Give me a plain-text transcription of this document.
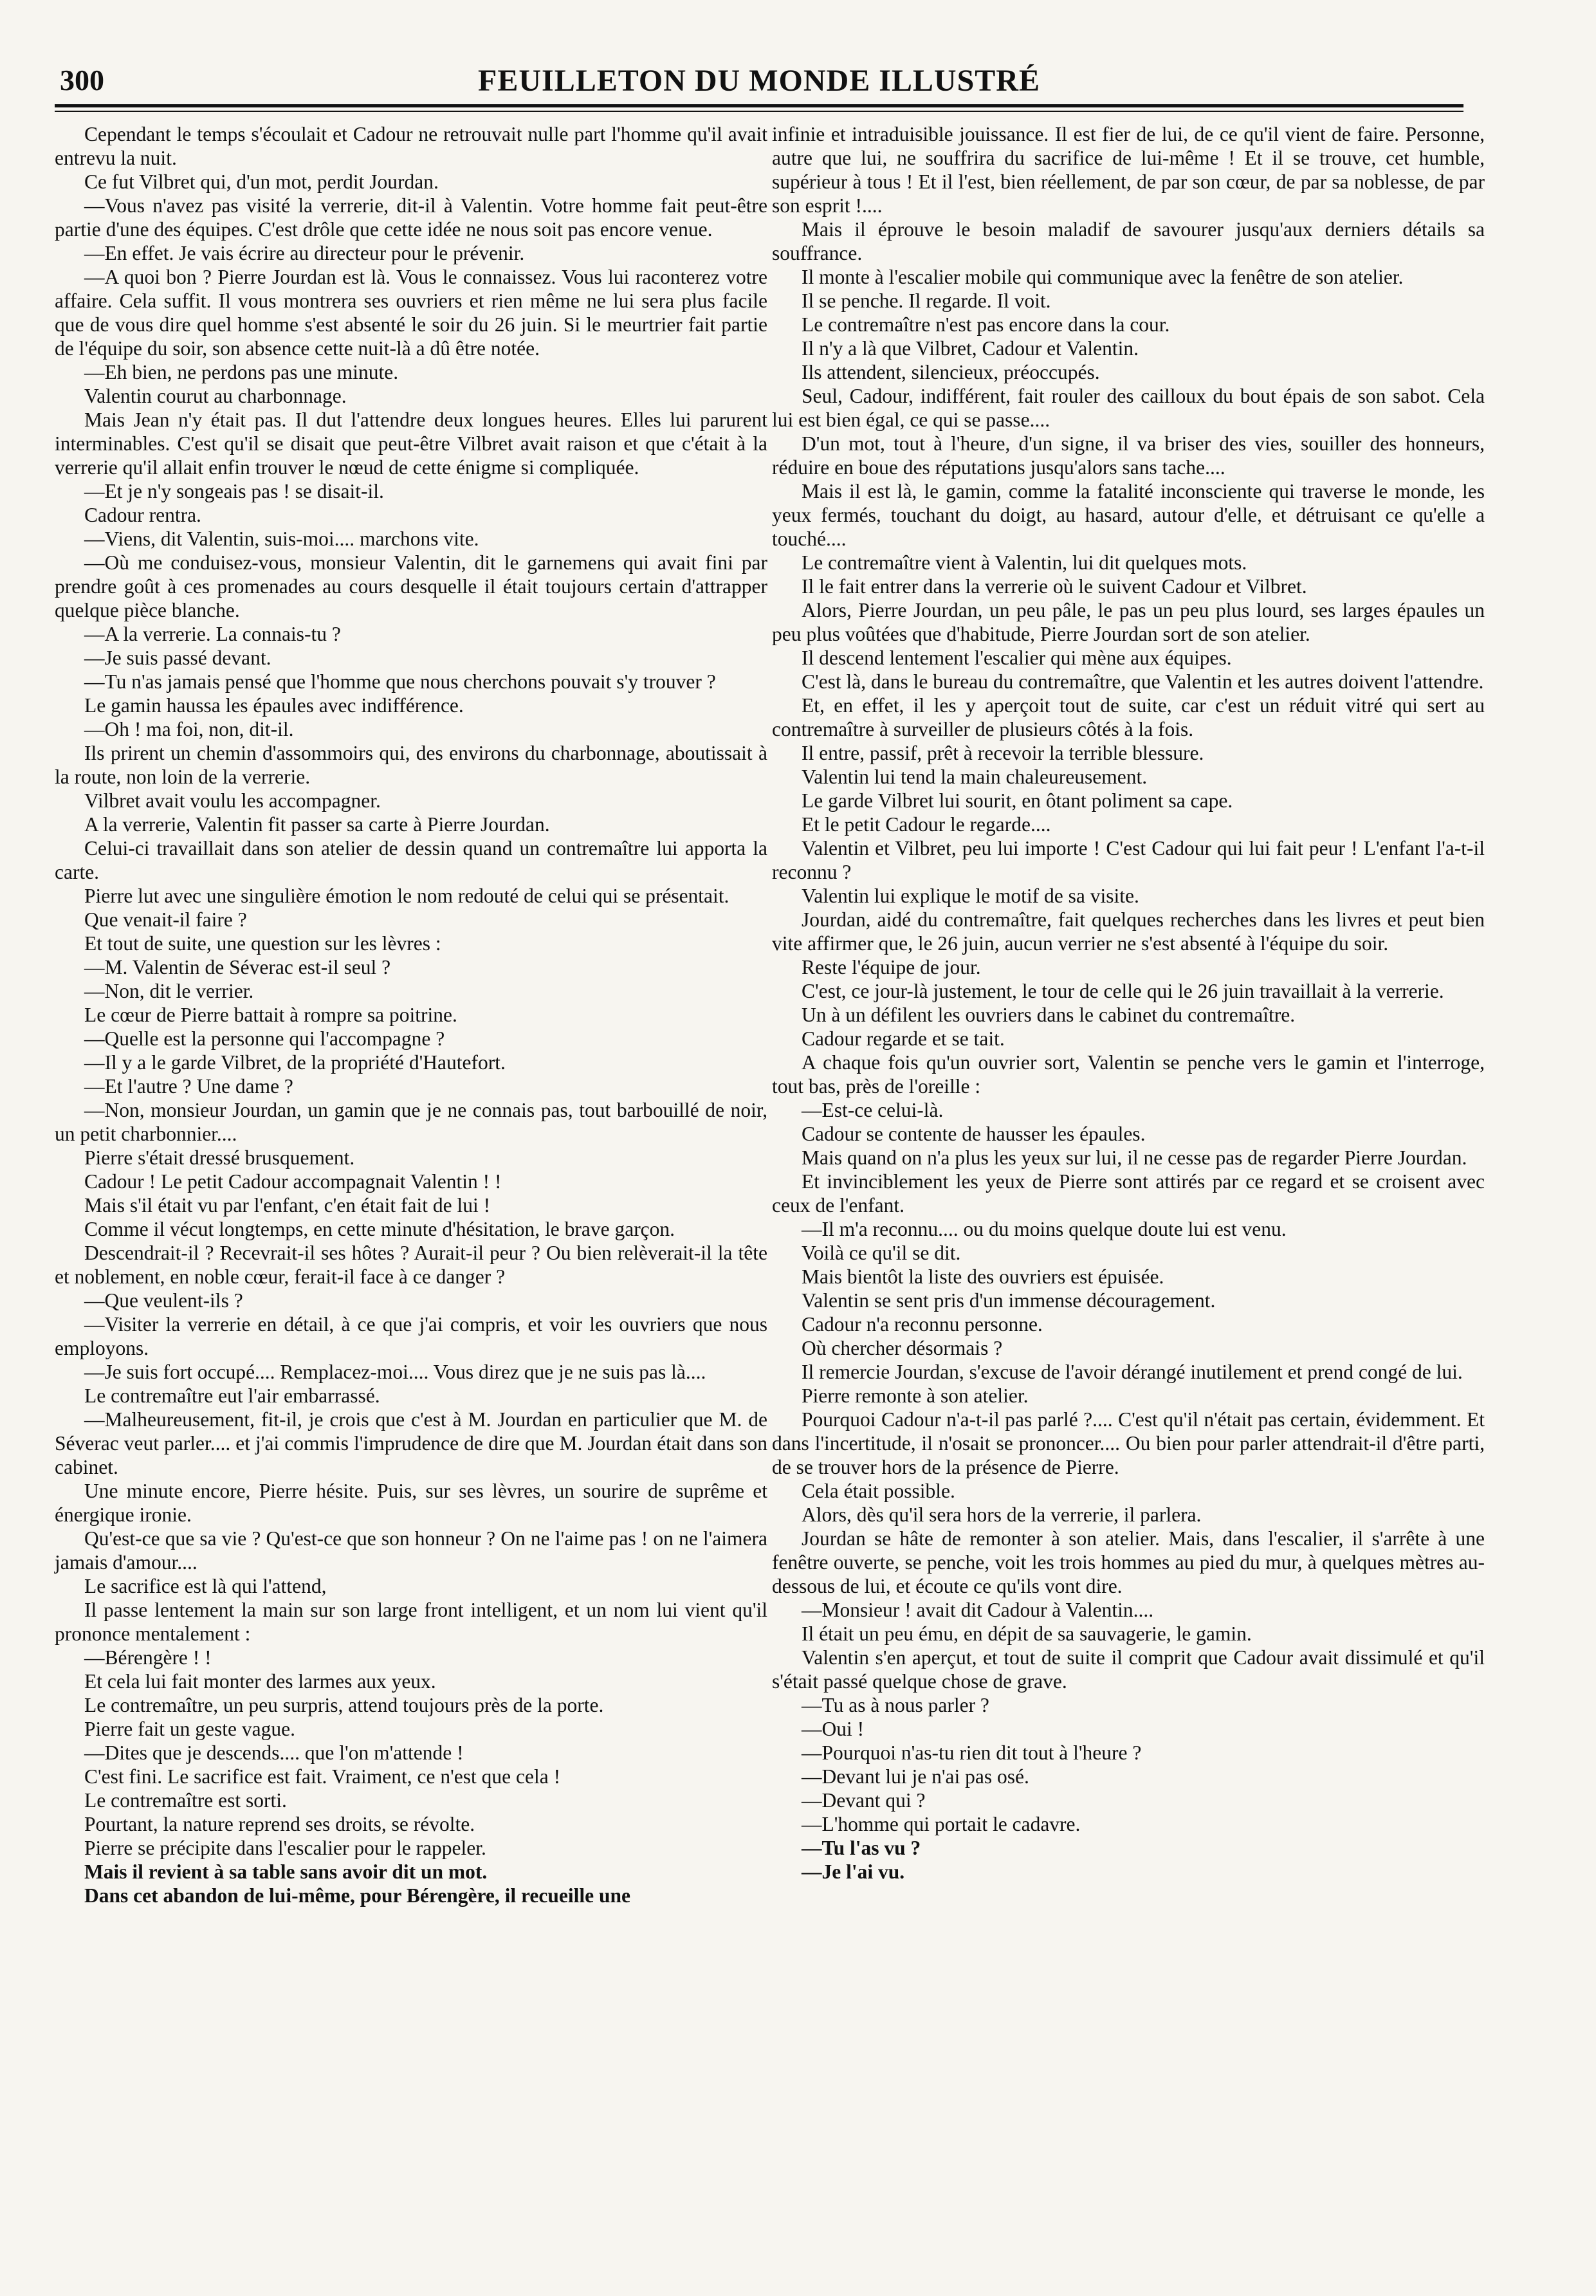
300	FEUILLETON DU MONDE ILLUSTRÉ

Cependant le temps s'écoulait et Cadour ne retrouvait nulle part l'homme qu'il avait entrevu la nuit.

Ce fut Vilbret qui, d'un mot, perdit Jourdan.

—Vous n'avez pas visité la verrerie, dit-il à Valentin. Votre homme fait peut-être partie d'une des équipes. C'est drôle que cette idée ne nous soit pas encore venue.

—En effet. Je vais écrire au directeur pour le prévenir.

—A quoi bon ? Pierre Jourdan est là. Vous le connaissez. Vous lui raconterez votre affaire. Cela suffit. Il vous montrera ses ouvriers et rien même ne lui sera plus facile que de vous dire quel homme s'est absenté le soir du 26 juin. Si le meurtrier fait partie de l'équipe du soir, son absence cette nuit-là a dû être notée.

—Eh bien, ne perdons pas une minute.

Valentin courut au charbonnage.

Mais Jean n'y était pas. Il dut l'attendre deux longues heures. Elles lui parurent interminables. C'est qu'il se disait que peut-être Vilbret avait raison et que c'était à la verrerie qu'il allait enfin trouver le nœud de cette énigme si compliquée.

—Et je n'y songeais pas ! se disait-il.

Cadour rentra.

—Viens, dit Valentin, suis-moi.... marchons vite.

—Où me conduisez-vous, monsieur Valentin, dit le garnemens qui avait fini par prendre goût à ces promenades au cours desquelle il était toujours certain d'attrapper quelque pièce blanche.

—A la verrerie. La connais-tu ?

—Je suis passé devant.

—Tu n'as jamais pensé que l'homme que nous cherchons pouvait s'y trouver ?

Le gamin haussa les épaules avec indifférence.

—Oh ! ma foi, non, dit-il.

Ils prirent un chemin d'assommoirs qui, des environs du charbonnage, aboutissait à la route, non loin de la verrerie.

Vilbret avait voulu les accompagner.

A la verrerie, Valentin fit passer sa carte à Pierre Jourdan.

Celui-ci travaillait dans son atelier de dessin quand un contremaître lui apporta la carte.

Pierre lut avec une singulière émotion le nom redouté de celui qui se présentait.

Que venait-il faire ?

Et tout de suite, une question sur les lèvres :

—M. Valentin de Séverac est-il seul ?

—Non, dit le verrier.

Le cœur de Pierre battait à rompre sa poitrine.

—Quelle est la personne qui l'accompagne ?

—Il y a le garde Vilbret, de la propriété d'Hautefort.

—Et l'autre ? Une dame ?

—Non, monsieur Jourdan, un gamin que je ne connais pas, tout barbouillé de noir, un petit charbonnier....

Pierre s'était dressé brusquement.

Cadour ! Le petit Cadour accompagnait Valentin ! !

Mais s'il était vu par l'enfant, c'en était fait de lui !

Comme il vécut longtemps, en cette minute d'hésitation, le brave garçon.

Descendrait-il ? Recevrait-il ses hôtes ? Aurait-il peur ? Ou bien relèverait-il la tête et noblement, en noble cœur, ferait-il face à ce danger ?

—Que veulent-ils ?

—Visiter la verrerie en détail, à ce que j'ai compris, et voir les ouvriers que nous employons.

—Je suis fort occupé.... Remplacez-moi.... Vous direz que je ne suis pas là....

Le contremaître eut l'air embarrassé.

—Malheureusement, fit-il, je crois que c'est à M. Jourdan en particulier que M. de Séverac veut parler.... et j'ai commis l'imprudence de dire que M. Jourdan était dans son cabinet.

Une minute encore, Pierre hésite. Puis, sur ses lèvres, un sourire de suprême et énergique ironie.

Qu'est-ce que sa vie ? Qu'est-ce que son honneur ? On ne l'aime pas ! on ne l'aimera jamais d'amour....

Le sacrifice est là qui l'attend,

Il passe lentement la main sur son large front intelligent, et un nom lui vient qu'il prononce mentalement :

—Bérengère ! !

Et cela lui fait monter des larmes aux yeux.

Le contremaître, un peu surpris, attend toujours près de la porte.

Pierre fait un geste vague.

—Dites que je descends.... que l'on m'attende !

C'est fini. Le sacrifice est fait. Vraiment, ce n'est que cela !

Le contremaître est sorti.

Pourtant, la nature reprend ses droits, se révolte.

Pierre se précipite dans l'escalier pour le rappeler.

Mais il revient à sa table sans avoir dit un mot.

Dans cet abandon de lui-même, pour Bérengère, il recueille une

infinie et intraduisible jouissance. Il est fier de lui, de ce qu'il vient de faire. Personne, autre que lui, ne souffrira du sacrifice de lui-même ! Et il se trouve, cet humble, supérieur à tous ! Et il l'est, bien réellement, de par son cœur, de par sa noblesse, de par son esprit !....

Mais il éprouve le besoin maladif de savourer jusqu'aux derniers détails sa souffrance.

Il monte à l'escalier mobile qui communique avec la fenêtre de son atelier.

Il se penche. Il regarde. Il voit.

Le contremaître n'est pas encore dans la cour.

Il n'y a là que Vilbret, Cadour et Valentin.

Ils attendent, silencieux, préoccupés.

Seul, Cadour, indifférent, fait rouler des cailloux du bout épais de son sabot. Cela lui est bien égal, ce qui se passe....

D'un mot, tout à l'heure, d'un signe, il va briser des vies, souiller des honneurs, réduire en boue des réputations jusqu'alors sans tache....

Mais il est là, le gamin, comme la fatalité inconsciente qui traverse le monde, les yeux fermés, touchant du doigt, au hasard, autour d'elle, et détruisant ce qu'elle a touché....

Le contremaître vient à Valentin, lui dit quelques mots.

Il le fait entrer dans la verrerie où le suivent Cadour et Vilbret.

Alors, Pierre Jourdan, un peu pâle, le pas un peu plus lourd, ses larges épaules un peu plus voûtées que d'habitude, Pierre Jourdan sort de son atelier.

Il descend lentement l'escalier qui mène aux équipes.

C'est là, dans le bureau du contremaître, que Valentin et les autres doivent l'attendre.

Et, en effet, il les y aperçoit tout de suite, car c'est un réduit vitré qui sert au contremaître à surveiller de plusieurs côtés à la fois.

Il entre, passif, prêt à recevoir la terrible blessure.

Valentin lui tend la main chaleureusement.

Le garde Vilbret lui sourit, en ôtant poliment sa cape.

Et le petit Cadour le regarde....

Valentin et Vilbret, peu lui importe ! C'est Cadour qui lui fait peur ! L'enfant l'a-t-il reconnu ?

Valentin lui explique le motif de sa visite.

Jourdan, aidé du contremaître, fait quelques recherches dans les livres et peut bien vite affirmer que, le 26 juin, aucun verrier ne s'est absenté à l'équipe du soir.

Reste l'équipe de jour.

C'est, ce jour-là justement, le tour de celle qui le 26 juin travaillait à la verrerie.

Un à un défilent les ouvriers dans le cabinet du contremaître.

Cadour regarde et se tait.

A chaque fois qu'un ouvrier sort, Valentin se penche vers le gamin et l'interroge, tout bas, près de l'oreille :

—Est-ce celui-là.

Cadour se contente de hausser les épaules.

Mais quand on n'a plus les yeux sur lui, il ne cesse pas de regarder Pierre Jourdan.

Et invinciblement les yeux de Pierre sont attirés par ce regard et se croisent avec ceux de l'enfant.

—Il m'a reconnu.... ou du moins quelque doute lui est venu.

Voilà ce qu'il se dit.

Mais bientôt la liste des ouvriers est épuisée.

Valentin se sent pris d'un immense découragement.

Cadour n'a reconnu personne.

Où chercher désormais ?

Il remercie Jourdan, s'excuse de l'avoir dérangé inutilement et prend congé de lui.

Pierre remonte à son atelier.

Pourquoi Cadour n'a-t-il pas parlé ?.... C'est qu'il n'était pas certain, évidemment. Et dans l'incertitude, il n'osait se prononcer.... Ou bien pour parler attendrait-il d'être parti, de se trouver hors de la présence de Pierre.

Cela était possible.

Alors, dès qu'il sera hors de la verrerie, il parlera.

Jourdan se hâte de remonter à son atelier. Mais, dans l'escalier, il s'arrête à une fenêtre ouverte, se penche, voit les trois hommes au pied du mur, à quelques mètres au-dessous de lui, et écoute ce qu'ils vont dire.

—Monsieur ! avait dit Cadour à Valentin....

Il était un peu ému, en dépit de sa sauvagerie, le gamin.

Valentin s'en aperçut, et tout de suite il comprit que Cadour avait dissimulé et qu'il s'était passé quelque chose de grave.

—Tu as à nous parler ?

—Oui !

—Pourquoi n'as-tu rien dit tout à l'heure ?

—Devant lui je n'ai pas osé.

—Devant qui ?

—L'homme qui portait le cadavre.

—Tu l'as vu ?

—Je l'ai vu.
